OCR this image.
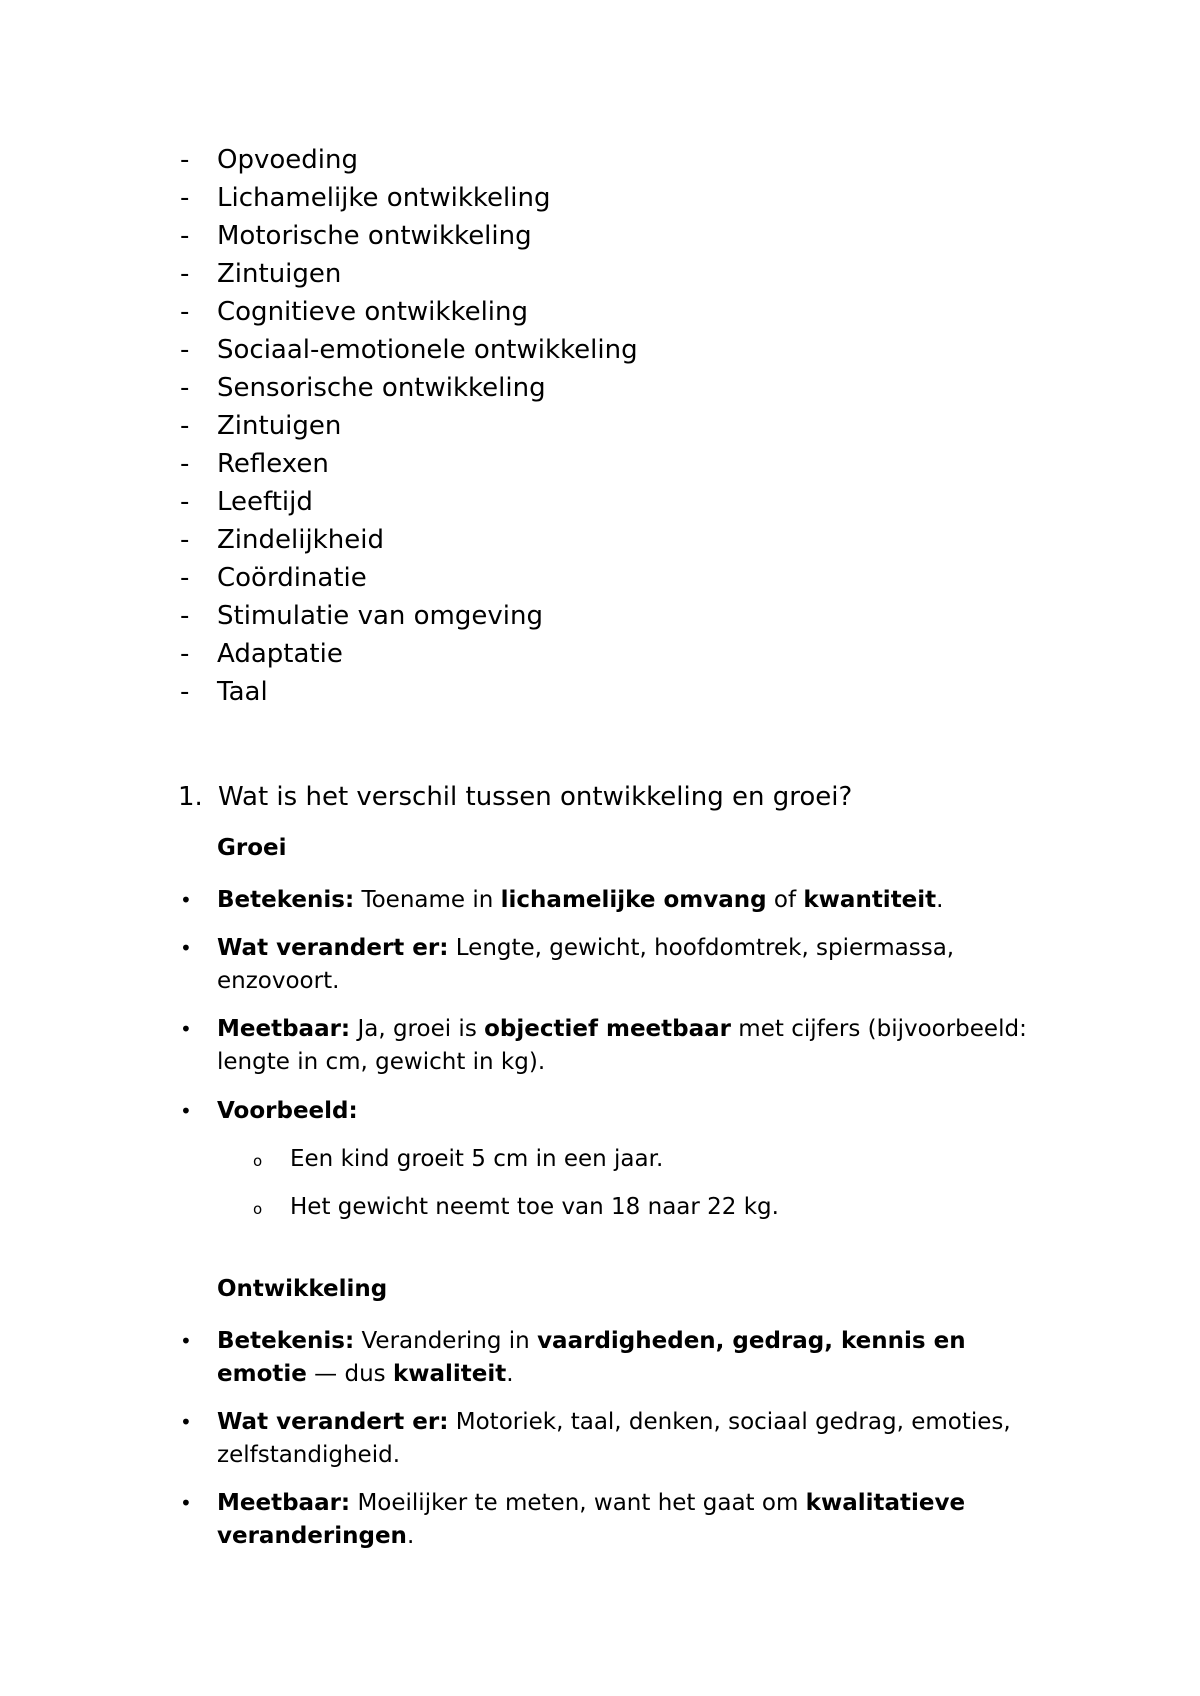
- Opvoeding
- Lichamelijke ontwikkeling
- Motorische ontwikkeling
- Zintuigen
- Cognitieve ontwikkeling
- Sociaal-emotionele ontwikkeling
- Sensorische ontwikkeling
- Zintuigen
- Reflexen
- Leeftijd
- Zindelijkheid
- Coördinatie
- Stimulatie van omgeving
- Adaptatie
- Taal
1. Wat is het verschil tussen ontwikkeling en groei?
Groei
• Betekenis: Toename in lichamelijke omvang of kwantiteit.
• Wat verandert er: Lengte, gewicht, hoofdomtrek, spiermassa, enzovoort.
• Meetbaar: Ja, groei is objectief meetbaar met cijfers (bijvoorbeeld: lengte in cm, gewicht in kg).
• Voorbeeld:
o Een kind groeit 5 cm in een jaar.
o Het gewicht neemt toe van 18 naar 22 kg.
Ontwikkeling
• Betekenis: Verandering in vaardigheden, gedrag, kennis en emotie — dus kwaliteit.
• Wat verandert er: Motoriek, taal, denken, sociaal gedrag, emoties, zelfstandigheid.
• Meetbaar: Moeilijker te meten, want het gaat om kwalitatieve veranderingen.
